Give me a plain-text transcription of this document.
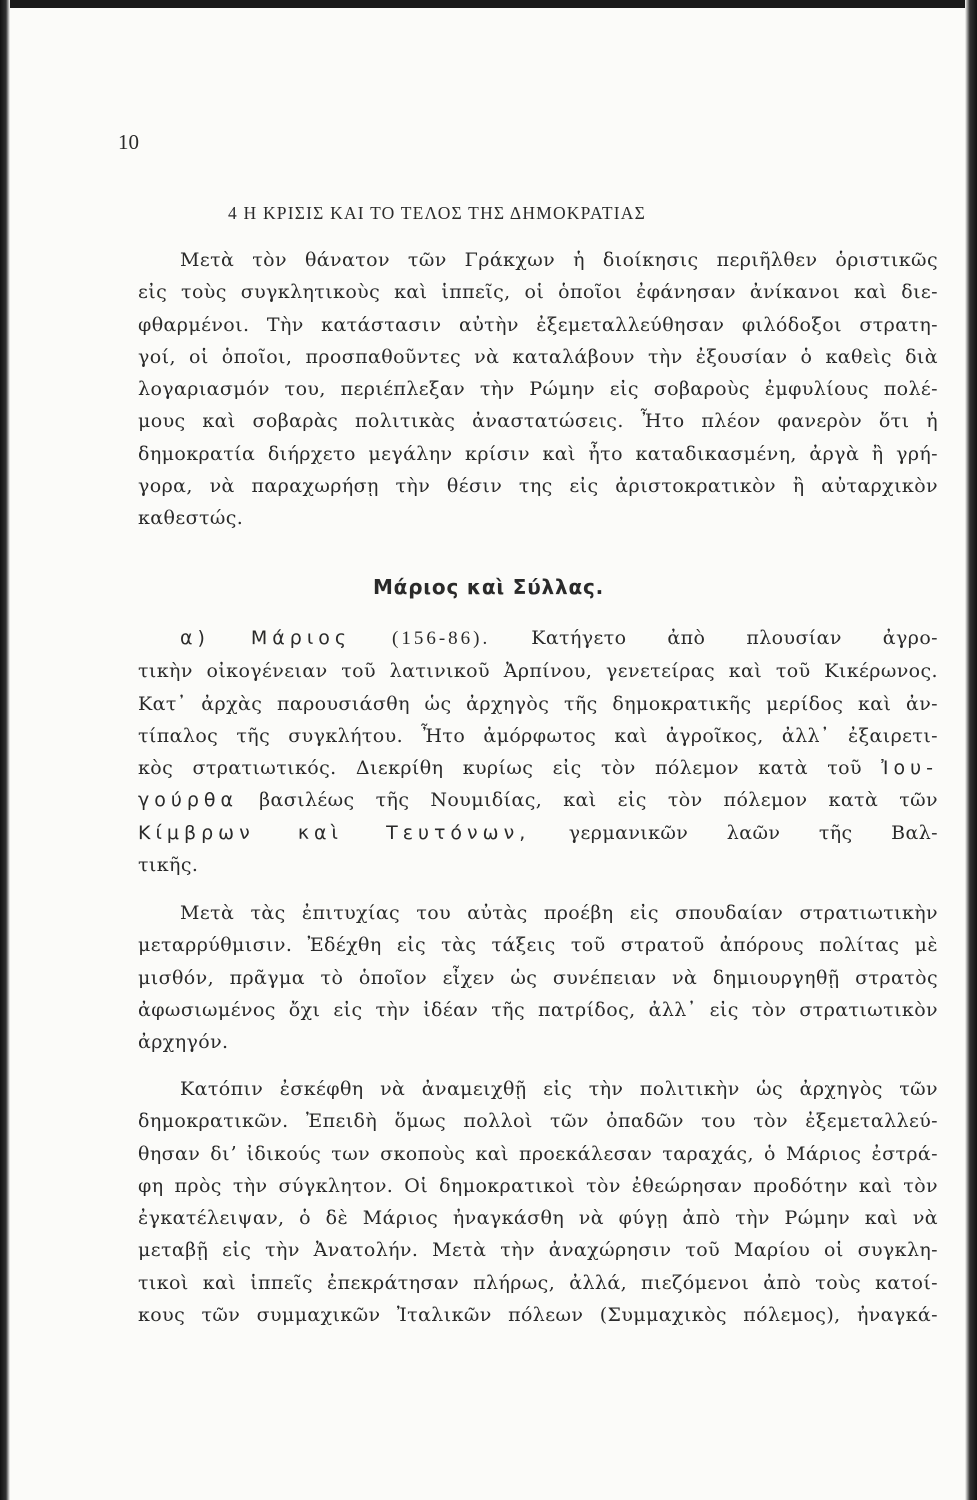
10
4 Η ΚΡΙΣΙΣ ΚΑΙ ΤΟ ΤΕΛΟΣ ΤΗΣ ΔΗΜΟΚΡΑΤΙΑΣ
Μετὰ τὸν θάνατον τῶν Γράκχων ἡ διοίκησις περιῆλθεν ὁριστικῶς
εἰς τοὺς συγκλητικοὺς καὶ ἱππεῖς, οἱ ὁποῖοι ἐφάνησαν ἀνίκανοι καὶ διε-
φθαρμένοι. Τὴν κατάστασιν αὐτὴν ἐξεμεταλλεύθησαν φιλόδοξοι στρατη-
γοί, οἱ ὁποῖοι, προσπαθοῦντες νὰ καταλάβουν τὴν ἐξουσίαν ὁ καθεὶς διὰ
λογαριασμόν του, περιέπλεξαν τὴν Ρώμην εἰς σοβαροὺς ἐμφυλίους πολέ-
μους καὶ σοβαρὰς πολιτικὰς ἀναστατώσεις. Ἦτο πλέον φανερὸν ὅτι ἡ
δημοκρατία διήρχετο μεγάλην κρίσιν καὶ ἦτο καταδικασμένη, ἀργὰ ἢ γρή-
γορα, νὰ παραχωρήσῃ τὴν θέσιν της εἰς ἀριστοκρατικὸν ἢ αὐταρχικὸν
καθεστώς.
Μάριος καὶ Σύλλας.
α) Μάριος (156-86). Κατήγετο ἀπὸ πλουσίαν ἀγρο-
τικὴν οἰκογένειαν τοῦ λατινικοῦ Ἀρπίνου, γενετείρας καὶ τοῦ Κικέρωνος.
Κατ᾿ ἀρχὰς παρουσιάσθη ὡς ἀρχηγὸς τῆς δημοκρατικῆς μερίδος καὶ ἀν-
τίπαλος τῆς συγκλήτου. Ἦτο ἀμόρφωτος καὶ ἀγροῖκος, ἀλλ᾿ ἐξαιρετι-
κὸς στρατιωτικός. Διεκρίθη κυρίως εἰς τὸν πόλεμον κατὰ τοῦ Ἰου-
γούρθα βασιλέως τῆς Νουμιδίας, καὶ εἰς τὸν πόλεμον κατὰ τῶν
Κίμβρων καὶ Τευτόνων, γερμανικῶν λαῶν τῆς Βαλ-
τικῆς.
Μετὰ τὰς ἐπιτυχίας του αὐτὰς προέβη εἰς σπουδαίαν στρατιωτικὴν
μεταρρύθμισιν. Ἐδέχθη εἰς τὰς τάξεις τοῦ στρατοῦ ἀπόρους πολίτας μὲ
μισθόν, πρᾶγμα τὸ ὁποῖον εἶχεν ὡς συνέπειαν νὰ δημιουργηθῇ στρατὸς
ἀφωσιωμένος ὄχι εἰς τὴν ἰδέαν τῆς πατρίδος, ἀλλ᾿ εἰς τὸν στρατιωτικὸν
ἀρχηγόν.
Κατόπιν ἐσκέφθη νὰ ἀναμειχθῇ εἰς τὴν πολιτικὴν ὡς ἀρχηγὸς τῶν
δημοκρατικῶν. Ἐπειδὴ ὅμως πολλοὶ τῶν ὀπαδῶν του τὸν ἐξεμεταλλεύ-
θησαν διʼ ἰδικούς των σκοποὺς καὶ προεκάλεσαν ταραχάς, ὁ Μάριος ἐστρά-
φη πρὸς τὴν σύγκλητον. Οἱ δημοκρατικοὶ τὸν ἐθεώρησαν προδότην καὶ τὸν
ἐγκατέλειψαν, ὁ δὲ Μάριος ἠναγκάσθη νὰ φύγῃ ἀπὸ τὴν Ρώμην καὶ νὰ
μεταβῇ εἰς τὴν Ἀνατολήν. Μετὰ τὴν ἀναχώρησιν τοῦ Μαρίου οἱ συγκλη-
τικοὶ καὶ ἱππεῖς ἐπεκράτησαν πλήρως, ἀλλά, πιεζόμενοι ἀπὸ τοὺς κατοί-
κους τῶν συμμαχικῶν Ἰταλικῶν πόλεων (Συμμαχικὸς πόλεμος), ἠναγκά-
